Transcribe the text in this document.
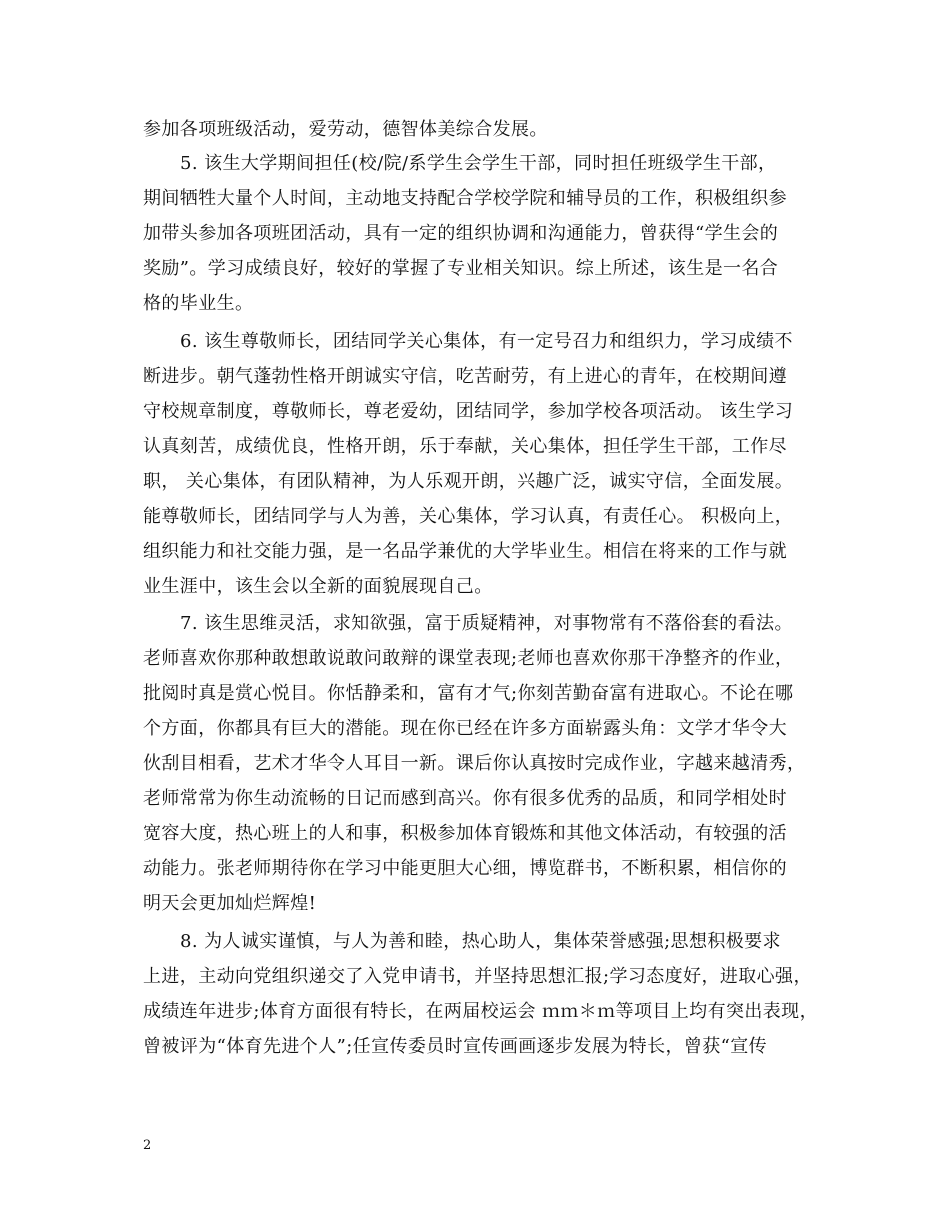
参加各项班级活动，爱劳动，德智体美综合发展。
5. 该生大学期间担任(校/院/系学生会学生干部，同时担任班级学生干部，
期间牺牲大量个人时间，主动地支持配合学校学院和辅导员的工作，积极组织参
加带头参加各项班团活动，具有一定的组织协调和沟通能力，曾获得“学生会的
奖励”。学习成绩良好，较好的掌握了专业相关知识。综上所述，该生是一名合
格的毕业生。
6. 该生尊敬师长，团结同学关心集体，有一定号召力和组织力，学习成绩不
断进步。朝气蓬勃性格开朗诚实守信，吃苦耐劳，有上进心的青年，在校期间遵
守校规章制度，尊敬师长，尊老爱幼，团结同学，参加学校各项活动。 该生学习
认真刻苦，成绩优良，性格开朗，乐于奉献，关心集体，担任学生干部，工作尽
职， 关心集体，有团队精神，为人乐观开朗，兴趣广泛，诚实守信，全面发展。
能尊敬师长，团结同学与人为善，关心集体，学习认真，有责任心。 积极向上，
组织能力和社交能力强，是一名品学兼优的大学毕业生。相信在将来的工作与就
业生涯中，该生会以全新的面貌展现自己。
7. 该生思维灵活，求知欲强，富于质疑精神，对事物常有不落俗套的看法。
老师喜欢你那种敢想敢说敢问敢辩的课堂表现;老师也喜欢你那干净整齐的作业，
批阅时真是赏心悦目。你恬静柔和，富有才气;你刻苦勤奋富有进取心。不论在哪
个方面，你都具有巨大的潜能。现在你已经在许多方面崭露头角：文学才华令大
伙刮目相看，艺术才华令人耳目一新。课后你认真按时完成作业，字越来越清秀，
老师常常为你生动流畅的日记而感到高兴。你有很多优秀的品质，和同学相处时
宽容大度，热心班上的人和事，积极参加体育锻炼和其他文体活动，有较强的活
动能力。张老师期待你在学习中能更胆大心细，博览群书，不断积累，相信你的
明天会更加灿烂辉煌!
8. 为人诚实谨慎，与人为善和睦，热心助人，集体荣誉感强;思想积极要求
上进，主动向党组织递交了入党申请书，并坚持思想汇报;学习态度好，进取心强，
成绩连年进步;体育方面很有特长，在两届校运会 ｍｍ＊ｍ等项目上均有突出表现，
曾被评为“体育先进个人”;任宣传委员时宣传画画逐步发展为特长，曾获“宣传
2
